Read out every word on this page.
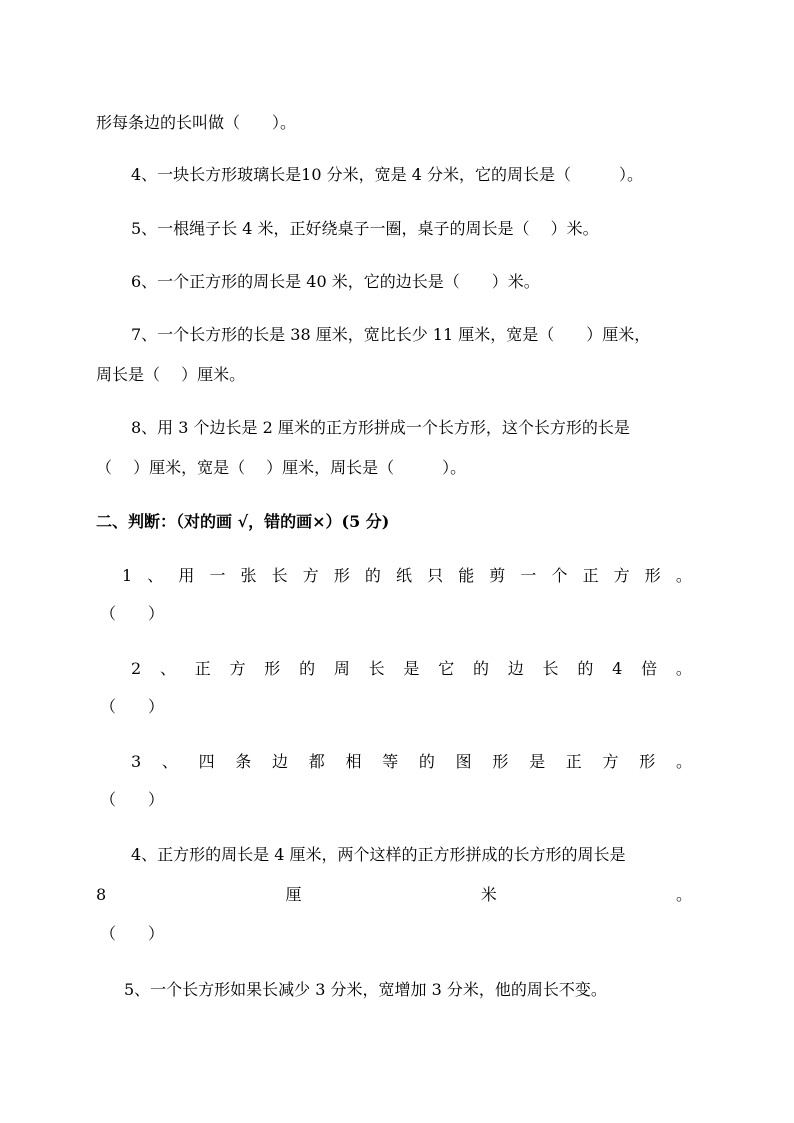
形每条边的长叫做（　　）。
4、一块长方形玻璃长是10 分米，宽是 4 分米，它的周长是（　　　）。
5、一根绳子长 4 米，正好绕桌子一圈，桌子的周长是（　 ）米。
6、一个正方形的周长是 40 米，它的边长是（　　）米。
7、一个长方形的长是 38 厘米，宽比长少 11 厘米，宽是（　　）厘米，
周长是（　 ）厘米。
8、用 3 个边长是 2 厘米的正方形拼成一个长方形，这个长方形的长是
（　 ）厘米，宽是（　 ）厘米，周长是（　　　）。
二、判断：（对的画 √，错的画×）(5 分)
1 、 用 一 张 长 方 形 的 纸 只 能 剪 一 个 正 方 形 。
（　　）
2 、 正 方 形 的 周 长 是 它 的 边 长 的 4 倍 。
（　　）
3 、 四 条 边 都 相 等 的 图 形 是 正 方 形 。
（　　）
4、正方形的周长是 4 厘米，两个这样的正方形拼成的长方形的周长是
8	厘	米	。
（　　）
5、一个长方形如果长减少 3 分米，宽增加 3 分米，他的周长不变。
